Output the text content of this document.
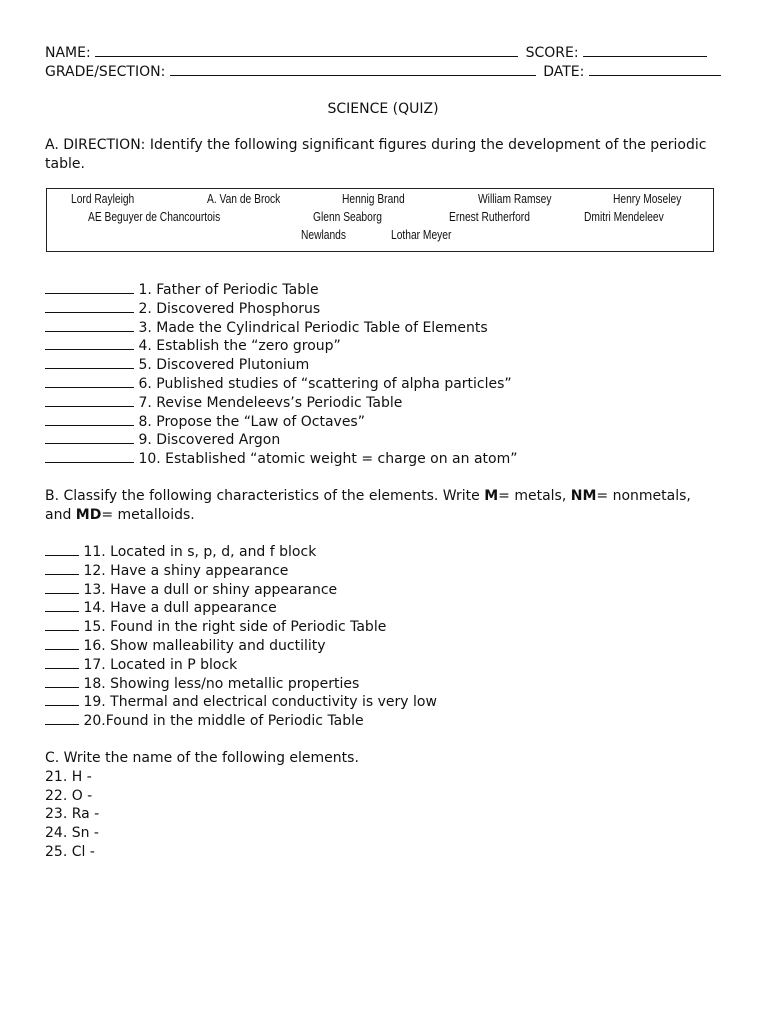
NAME:	SCORE:
GRADE/SECTION:	DATE:
SCIENCE (QUIZ)
A. DIRECTION: Identify the following significant figures during the development of the periodic table.
Lord Rayleigh	A. Van de Brock	Hennig Brand	William Ramsey	Henry Moseley
AE Beguyer de Chancourtois	Glenn Seaborg	Ernest Rutherford	Dmitri Mendeleev
Newlands	Lothar Meyer
1. Father of Periodic Table
2. Discovered Phosphorus
3. Made the Cylindrical Periodic Table of Elements
4. Establish the “zero group”
5. Discovered Plutonium
6. Published studies of “scattering of alpha particles”
7. Revise Mendeleevs’s Periodic Table
8. Propose the “Law of Octaves”
9. Discovered Argon
10. Established “atomic weight = charge on an atom”
B. Classify the following characteristics of the elements. Write M= metals, NM= nonmetals, and MD= metalloids.
11. Located in s, p, d, and f block
12. Have a shiny appearance
13. Have a dull or shiny appearance
14. Have a dull appearance
15. Found in the right side of Periodic Table
16. Show malleability and ductility
17. Located in P block
18. Showing less/no metallic properties
19. Thermal and electrical conductivity is very low
20.Found in the middle of Periodic Table
C. Write the name of the following elements.
21. H -
22. O -
23. Ra -
24. Sn -
25. Cl -
